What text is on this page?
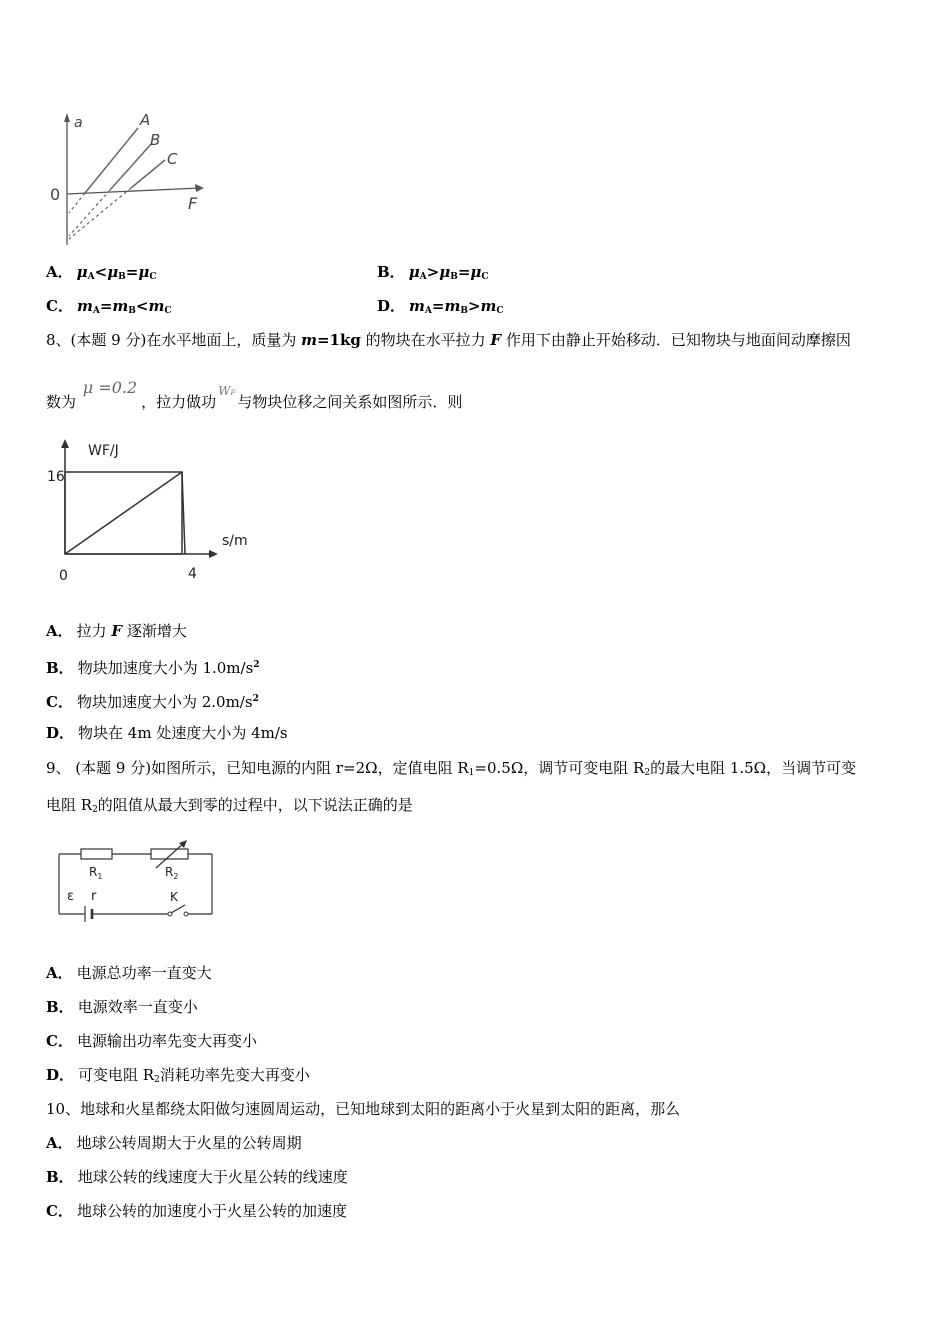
a
F
0
A
B
C
A． $\mu_A<\mu_B=\mu_C$	B． $\mu_A>\mu_B=\mu_C$
C． $m_A=m_B<m_C$	D． $m_A=m_B>m_C$
8、(本题 9 分)在水平地面上，质量为 m=1kg 的物块在水平拉力 F 作用下由静止开始移动．已知物块与地面间动摩擦因
数为 μ =0.2，拉力做功$^{WF}$ 与物块位移之间关系如图所示．则
WF/J
s/m
16
4
0
A． 拉力 F 逐渐增大
B． 物块加速度大小为 $1.0m/s^2$
C． 物块加速度大小为 $2.0m/s^2$
D． 物块在 4m 处速度大小为 4m/s
9、 (本题 9 分)如图所示，已知电源的内阻 r=2Ω，定值电阻 $R_1=0.5\Omega$，调节可变电阻 $R_2$的最大电阻 1.5Ω，当调节可变
电阻 $R_2$的阻值从最大到零的过程中，以下说法正确的是
$R_1$	$R_2$
ε r	K
A． 电源总功率一直变大
B． 电源效率一直变小
C． 电源输出功率先变大再变小
D． 可变电阻 $R_2$消耗功率先变大再变小
10、地球和火星都绕太阳做匀速圆周运动，已知地球到太阳的距离小于火星到太阳的距离，那么
A． 地球公转周期大于火星的公转周期
B． 地球公转的线速度大于火星公转的线速度
C． 地球公转的加速度小于火星公转的加速度
